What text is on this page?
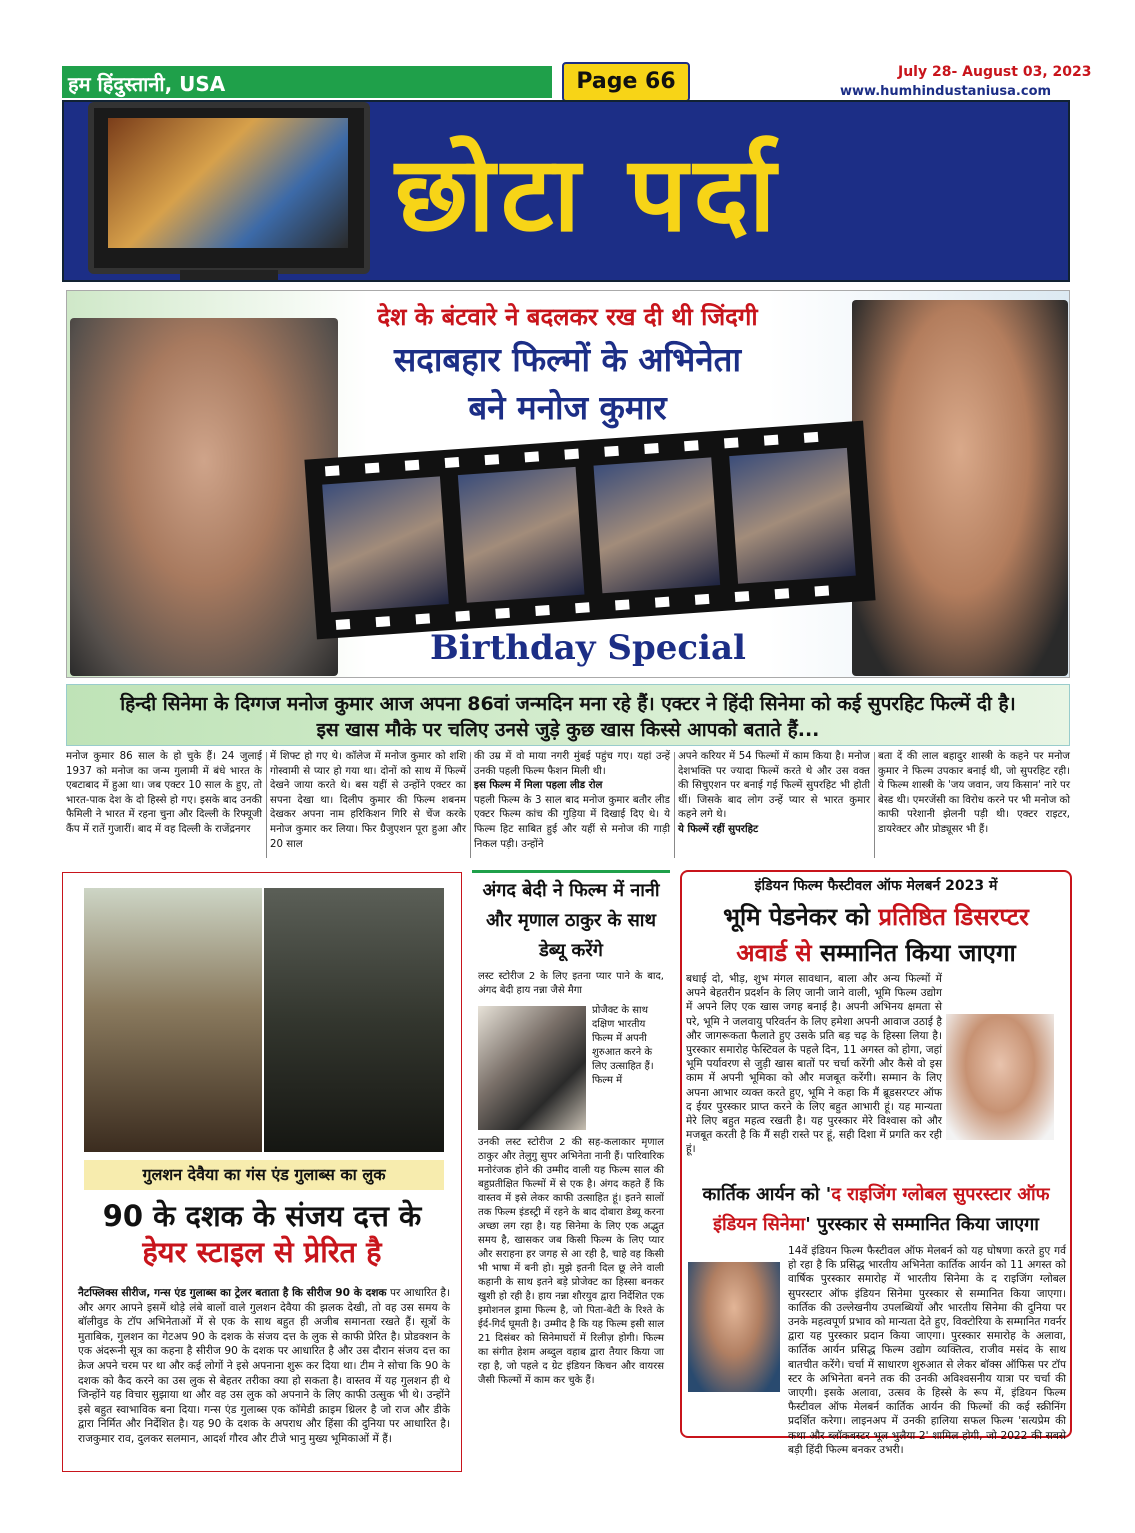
हम हिंदुस्तानी, USA	Page 66	July 28- August 03, 2023
www.humhindustaniusa.com
छोटा पर्दा
देश के बंटवारे ने बदलकर रख दी थी जिंदगी
सदाबहार फिल्मों के अभिनेता
बने मनोज कुमार
Birthday Special
हिन्दी सिनेमा के दिग्गज मनोज कुमार आज अपना 86वां जन्मदिन मना रहे हैं। एक्टर ने हिंदी सिनेमा को कई सुपरहिट फिल्में दी है।
इस खास मौके पर चलिए उनसे जुड़े कुछ खास किस्से आपको बताते हैं...
मनोज कुमार 86 साल के हो चुके हैं। 24 जुलाई 1937 को मनोज का जन्म गुलामी में बंधे भारत के एबटाबाद में हुआ था। जब एक्टर 10 साल के हुए, तो भारत-पाक देश के दो हिस्से हो गए। इसके बाद उनकी फैमिली ने भारत में रहना चुना और दिल्ली के रिफ्यूजी कैंप में रातें गुजारीं। बाद में वह दिल्ली के राजेंद्रनगर
में शिफ्ट हो गए थे। कॉलेज में मनोज कुमार को शशि गोस्वामी से प्यार हो गया था। दोनों को साथ में फिल्में देखने जाया करते थे। बस यहीं से उन्होंने एक्टर का सपना देखा था। दिलीप कुमार की फिल्म शबनम देखकर अपना नाम हरिकिशन गिरि से चेंज करके मनोज कुमार कर लिया। फिर ग्रैजुएशन पूरा हुआ और 20 साल
की उम्र में वो माया नगरी मुंबई पहुंच गए। यहां उन्हें उनकी पहली फिल्म फैशन मिली थी।
इस फिल्म में मिला पहला लीड रोल
पहली फिल्म के 3 साल बाद मनोज कुमार बतौर लीड एक्टर फिल्म कांच की गुड़िया में दिखाई दिए थे। ये फिल्म हिट साबित हुई और यहीं से मनोज की गाड़ी निकल पड़ी। उन्होंने
अपने करियर में 54 फिल्मों में काम किया है। मनोज देशभक्ति पर ज्यादा फिल्में करते थे और उस वक्त की सिचुएशन पर बनाई गई फिल्में सुपरहिट भी होती थीं। जिसके बाद लोग उन्हें प्यार से भारत कुमार कहने लगे थे।
ये फिल्में रहीं सुपरहिट
बता दें की लाल बहादुर शास्त्री के कहने पर मनोज कुमार ने फिल्म उपकार बनाई थी, जो सुपरहिट रही। ये फिल्म शास्त्री के 'जय जवान, जय किसान' नारे पर बेस्ड थी। एमरजेंसी का विरोध करने पर भी मनोज को काफी परेशानी झेलनी पड़ी थी। एक्टर राइटर, डायरेक्टर और प्रोड्यूसर भी हैं।
गुलशन देवैया का गंस एंड गुलाब्स का लुक
90 के दशक के संजय दत्त के
हेयर स्टाइल से प्रेरित है
नैटफ्लिक्स सीरीज, गन्स एंड गुलाब्स का ट्रेलर बताता है कि सीरीज 90 के दशक पर आधारित है। और अगर आपने इसमें थोड़े लंबे बालों वाले गुलशन देवैया की झलक देखी, तो वह उस समय के बॉलीवुड के टॉप अभिनेताओं में से एक के साथ बहुत ही अजीब समानता रखते हैं। सूत्रों के मुताबिक, गुलशन का गेटअप 90 के दशक के संजय दत्त के लुक से काफी प्रेरित है। प्रोडक्शन के एक अंदरूनी सूत्र का कहना है सीरीज 90 के दशक पर आधारित है और उस दौरान संजय दत्त का क्रेज अपने चरम पर था और कई लोगों ने इसे अपनाना शुरू कर दिया था। टीम ने सोचा कि 90 के दशक को कैद करने का उस लुक से बेहतर तरीका क्या हो सकता है। वास्तव में यह गुलशन ही थे जिन्होंने यह विचार सुझाया था और वह उस लुक को अपनाने के लिए काफी उत्सुक भी थे। उन्होंने इसे बहुत स्वाभाविक बना दिया। गन्स एंड गुलाब्स एक कॉमेडी क्राइम थ्रिलर है जो राज और डीके द्वारा निर्मित और निर्देशित है। यह 90 के दशक के अपराध और हिंसा की दुनिया पर आधारित है। राजकुमार राव, दुलकर सलमान, आदर्श गौरव और टीजे भानु मुख्य भूमिकाओं में हैं।
अंगद बेदी ने फिल्म में नानी और मृणाल ठाकुर के साथ डेब्यू करेंगे
लस्ट स्टोरीज 2 के लिए इतना प्यार पाने के बाद, अंगद बेदी हाय नन्ना जैसे मैगा
प्रोजैक्ट के साथ दक्षिण भारतीय फिल्म में अपनी शुरुआत करने के लिए उत्साहित हैं। फिल्म में
उनकी लस्ट स्टोरीज 2 की सह-कलाकार मृणाल ठाकुर और तेलुगु सुपर अभिनेता नानी हैं। पारिवारिक मनोरंजक होने की उम्मीद वाली यह फिल्म साल की बहुप्रतीक्षित फिल्मों में से एक है। अंगद कहते हैं कि वास्तव में इसे लेकर काफी उत्साहित हूं। इतने सालों तक फिल्म इंडस्ट्री में रहने के बाद दोबारा डेब्यू करना अच्छा लग रहा है। यह सिनेमा के लिए एक अद्भुत समय है, खासकर जब किसी फिल्म के लिए प्यार और सराहना हर जगह से आ रही है, चाहे वह किसी भी भाषा में बनी हो। मुझे इतनी दिल छू लेने वाली कहानी के साथ इतने बड़े प्रोजेक्ट का हिस्सा बनकर खुशी हो रही है। हाय नन्ना शौरयुव द्वारा निर्देशित एक इमोशनल ड्रामा फिल्म है, जो पिता-बेटी के रिश्ते के ईर्द-गिर्द घूमती है। उम्मीद है कि यह फिल्म इसी साल 21 दिसंबर को सिनेमाघरों में रिलीज़ होगी। फिल्म का संगीत हेशम अब्दुल वहाब द्वारा तैयार किया जा रहा है, जो पहले द ग्रेट इंडियन किचन और वायरस जैसी फिल्मों में काम कर चुके हैं।
इंडियन फिल्म फैस्टीवल ऑफ मेलबर्न 2023 में
भूमि पेडनेकर को प्रतिष्ठित डिसरप्टर
अवार्ड से सम्मानित किया जाएगा
बधाई दो, भीड़, शुभ मंगल सावधान, बाला और अन्य फिल्मों में अपने बेहतरीन प्रदर्शन के लिए जानी जाने वाली, भूमि फिल्म उद्योग में अपने लिए एक खास जगह बनाई है। अपनी अभिनय क्षमता से परे, भूमि ने जलवायु परिवर्तन के लिए हमेशा अपनी आवाज उठाई है और जागरूकता फैलाते हुए उसके प्रति बड़ चढ़ के हिस्सा लिया है। पुरस्कार समारोह फेस्टिवल के पहले दिन, 11 अगस्त को होगा, जहां भूमि पर्यावरण से जुड़ी खास बातों पर चर्चा करेंगी और कैसे वो इस काम में अपनी भूमिका को और मजबूत करेंगी। सम्मान के लिए अपना आभार व्यक्त करते हुए, भूमि ने कहा कि मैं ब्रूडसरप्टर ऑफ द ईयर पुरस्कार प्राप्त करने के लिए बहुत आभारी हूं। यह मान्यता मेरे लिए बहुत महत्व रखती है। यह पुरस्कार मेरे विश्वास को और मजबूत करती है कि मैं सही रास्ते पर हूं, सही दिशा में प्रगति कर रही हूं।
कार्तिक आर्यन को 'द राइजिंग ग्लोबल सुपरस्टार ऑफ इंडियन सिनेमा' पुरस्कार से सम्मानित किया जाएगा
14वें इंडियन फिल्म फैस्टीवल ऑफ मेलबर्न को यह घोषणा करते हुए गर्व हो रहा है कि प्रसिद्ध भारतीय अभिनेता कार्तिक आर्यन को 11 अगस्त को वार्षिक पुरस्कार समारोह में भारतीय सिनेमा के द राइजिंग ग्लोबल सुपरस्टार ऑफ इंडियन सिनेमा पुरस्कार से सम्मानित किया जाएगा। कार्तिक की उल्लेखनीय उपलब्धियों और भारतीय सिनेमा की दुनिया पर उनके महत्वपूर्ण प्रभाव को मान्यता देते हुए, विक्टोरिया के सम्मानित गवर्नर द्वारा यह पुरस्कार प्रदान किया जाएगा। पुरस्कार समारोह के अलावा, कार्तिक आर्यन प्रसिद्ध फिल्म उद्योग व्यक्तित्व, राजीव मसंद के साथ बातचीत करेंगे। चर्चा में साधारण शुरुआत से लेकर बॉक्स ऑफिस पर टॉप स्टर के अभिनेता बनने तक की उनकी अविश्वसनीय यात्रा पर चर्चा की जाएगी। इसके अलावा, उत्सव के हिस्से के रूप में, इंडियन फिल्म फैस्टीवल ऑफ मेलबर्न कार्तिक आर्यन की फिल्मों की कई स्क्रीनिंग प्रदर्शित करेगा। लाइनअप में उनकी हालिया सफल फिल्म 'सत्यप्रेम की कथा और ब्लॉकबस्टर भूल भुलैया 2' शामिल होगी, जो 2022 की सबसे बड़ी हिंदी फिल्म बनकर उभरी।
